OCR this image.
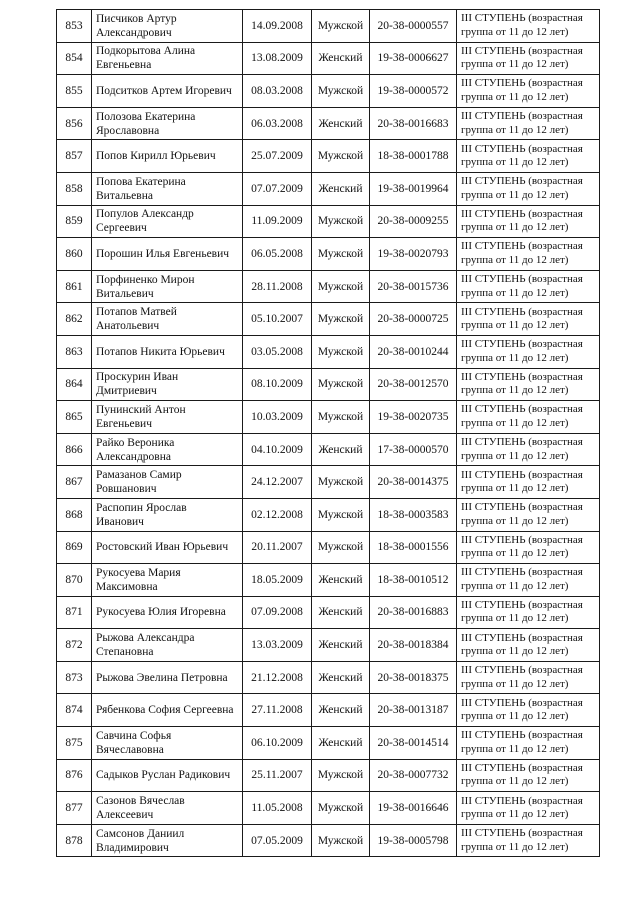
853	Писчиков Артур
Александрович	14.09.2008	Мужской	20-38-0000557	III СТУПЕНЬ (возрастная
группа от 11 до 12 лет)

854	Подкорытова Алина
Евгеньевна	13.08.2009	Женский	19-38-0006627	III СТУПЕНЬ (возрастная
группа от 11 до 12 лет)

855	Подситков Артем Игоревич	08.03.2008	Мужской	19-38-0000572	III СТУПЕНЬ (возрастная
группа от 11 до 12 лет)

856	Полозова Екатерина
Ярославовна	06.03.2008	Женский	20-38-0016683	III СТУПЕНЬ (возрастная
группа от 11 до 12 лет)

857	Попов Кирилл Юрьевич	25.07.2009	Мужской	18-38-0001788	III СТУПЕНЬ (возрастная
группа от 11 до 12 лет)

858	Попова Екатерина
Витальевна	07.07.2009	Женский	19-38-0019964	III СТУПЕНЬ (возрастная
группа от 11 до 12 лет)

859	Популов Александр
Сергеевич	11.09.2009	Мужской	20-38-0009255	III СТУПЕНЬ (возрастная
группа от 11 до 12 лет)

860	Порошин Илья Евгеньевич	06.05.2008	Мужской	19-38-0020793	III СТУПЕНЬ (возрастная
группа от 11 до 12 лет)

861	Порфиненко Мирон
Витальевич	28.11.2008	Мужской	20-38-0015736	III СТУПЕНЬ (возрастная
группа от 11 до 12 лет)

862	Потапов Матвей
Анатольевич	05.10.2007	Мужской	20-38-0000725	III СТУПЕНЬ (возрастная
группа от 11 до 12 лет)

863	Потапов Никита Юрьевич	03.05.2008	Мужской	20-38-0010244	III СТУПЕНЬ (возрастная
группа от 11 до 12 лет)

864	Проскурин Иван
Дмитриевич	08.10.2009	Мужской	20-38-0012570	III СТУПЕНЬ (возрастная
группа от 11 до 12 лет)

865	Пунинский Антон
Евгеньевич	10.03.2009	Мужской	19-38-0020735	III СТУПЕНЬ (возрастная
группа от 11 до 12 лет)

866	Райко Вероника
Александровна	04.10.2009	Женский	17-38-0000570	III СТУПЕНЬ (возрастная
группа от 11 до 12 лет)

867	Рамазанов Самир
Ровшанович	24.12.2007	Мужской	20-38-0014375	III СТУПЕНЬ (возрастная
группа от 11 до 12 лет)

868	Распопин Ярослав
Иванович	02.12.2008	Мужской	18-38-0003583	III СТУПЕНЬ (возрастная
группа от 11 до 12 лет)

869	Ростовский Иван Юрьевич	20.11.2007	Мужской	18-38-0001556	III СТУПЕНЬ (возрастная
группа от 11 до 12 лет)

870	Рукосуева Мария
Максимовна	18.05.2009	Женский	18-38-0010512	III СТУПЕНЬ (возрастная
группа от 11 до 12 лет)

871	Рукосуева Юлия Игоревна	07.09.2008	Женский	20-38-0016883	III СТУПЕНЬ (возрастная
группа от 11 до 12 лет)

872	Рыжова Александра
Степановна	13.03.2009	Женский	20-38-0018384	III СТУПЕНЬ (возрастная
группа от 11 до 12 лет)

873	Рыжова Эвелина Петровна	21.12.2008	Женский	20-38-0018375	III СТУПЕНЬ (возрастная
группа от 11 до 12 лет)

874	Рябенкова София Сергеевна	27.11.2008	Женский	20-38-0013187	III СТУПЕНЬ (возрастная
группа от 11 до 12 лет)

875	Савчина Софья
Вячеславовна	06.10.2009	Женский	20-38-0014514	III СТУПЕНЬ (возрастная
группа от 11 до 12 лет)

876	Садыков Руслан Радикович	25.11.2007	Мужской	20-38-0007732	III СТУПЕНЬ (возрастная
группа от 11 до 12 лет)

877	Сазонов Вячеслав
Алексеевич	11.05.2008	Мужской	19-38-0016646	III СТУПЕНЬ (возрастная
группа от 11 до 12 лет)

878	Самсонов Даниил
Владимирович	07.05.2009	Мужской	19-38-0005798	III СТУПЕНЬ (возрастная
группа от 11 до 12 лет)
